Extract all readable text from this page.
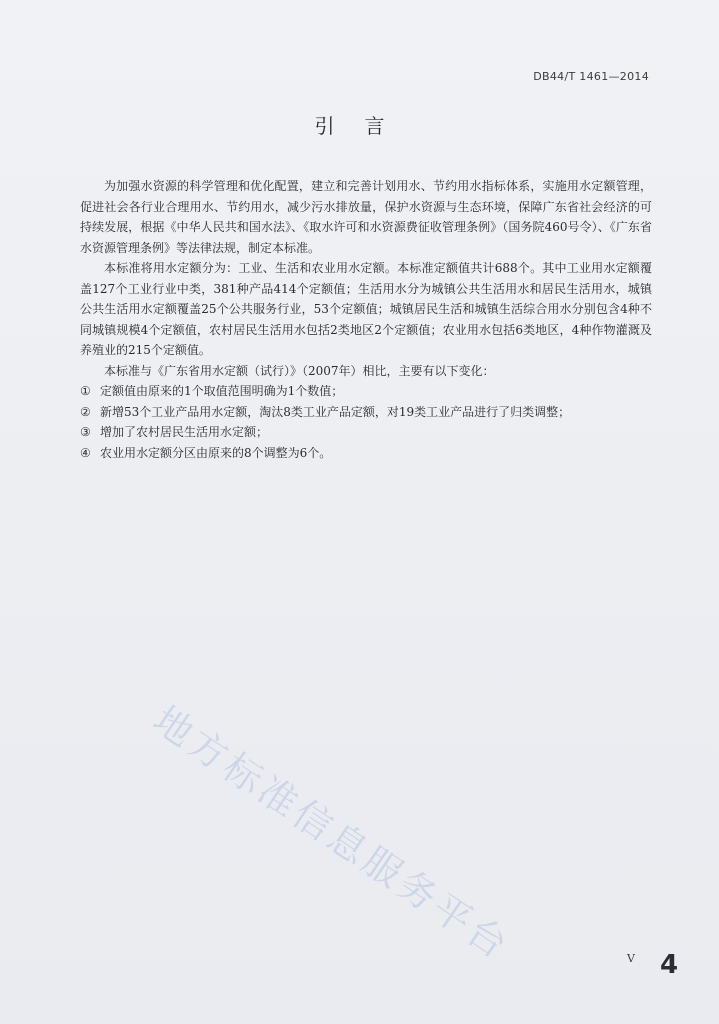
DB44/T 1461—2014
引言

为加强水资源的科学管理和优化配置，建立和完善计划用水、节约用水指标体系，实施用水定额管理，促进社会各行业合理用水、节约用水，减少污水排放量，保护水资源与生态环境，保障广东省社会经济的可持续发展，根据《中华人民共和国水法》、《取水许可和水资源费征收管理条例》（国务院460号令）、《广东省水资源管理条例》等法律法规，制定本标准。

本标准将用水定额分为：工业、生活和农业用水定额。本标准定额值共计688个。其中工业用水定额覆盖127个工业行业中类，381种产品414个定额值；生活用水分为城镇公共生活用水和居民生活用水，城镇公共生活用水定额覆盖25个公共服务行业，53个定额值；城镇居民生活和城镇生活综合用水分别包含4种不同城镇规模4个定额值，农村居民生活用水包括2类地区2个定额值；农业用水包括6类地区，4种作物灌溉及养殖业的215个定额值。

本标准与《广东省用水定额（试行）》（2007年）相比，主要有以下变化：

① 定额值由原来的1个取值范围明确为1个数值；

② 新增53个工业产品用水定额，淘汰8类工业产品定额，对19类工业产品进行了归类调整；

③ 增加了农村居民生活用水定额；

④ 农业用水定额分区由原来的8个调整为6个。

地方标准信息服务平台	V 4
